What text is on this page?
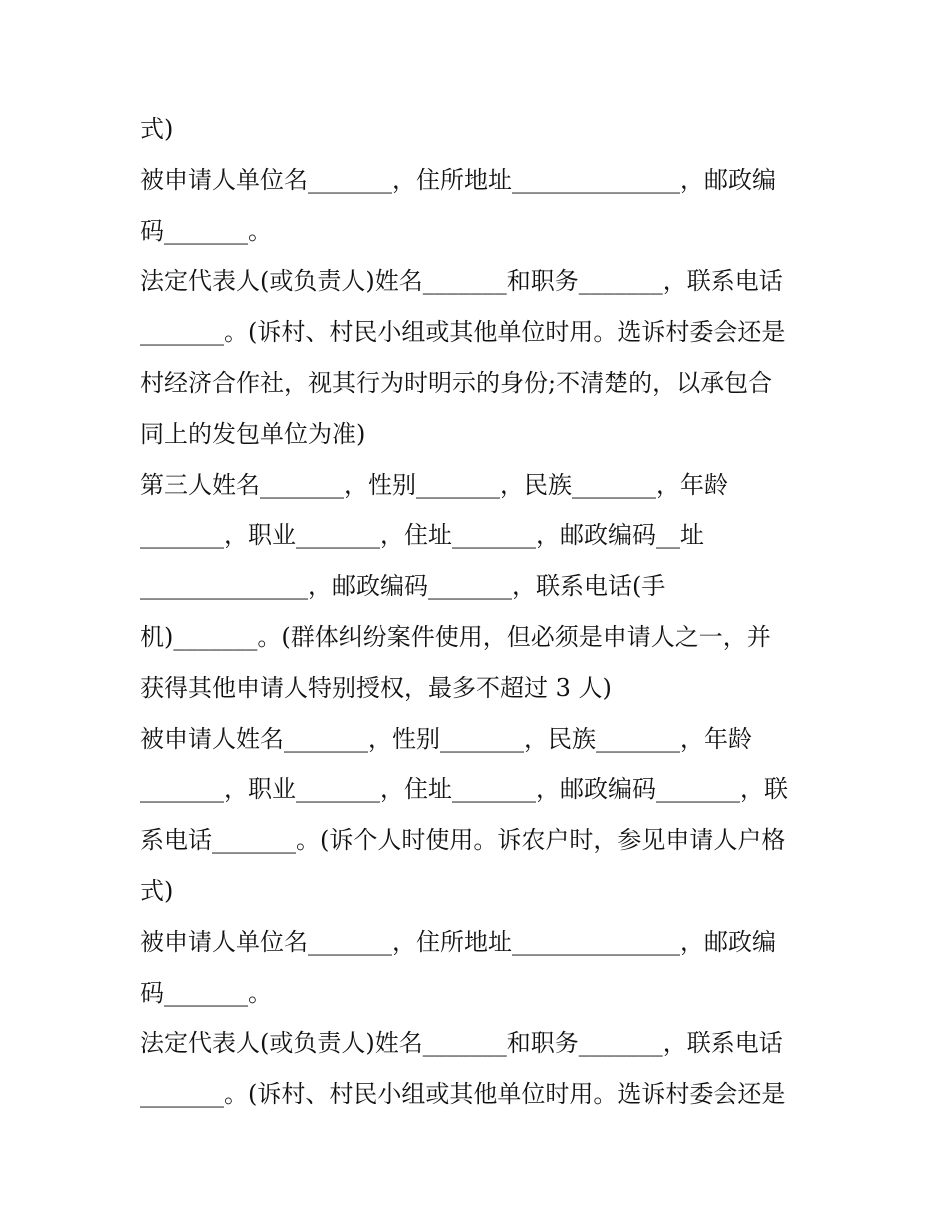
式)
被申请人单位名_______，住所地址______________，邮政编
码_______。
法定代表人(或负责人)姓名_______和职务_______，联系电话
_______。(诉村、村民小组或其他单位时用。选诉村委会还是
村经济合作社，视其行为时明示的身份;不清楚的，以承包合
同上的发包单位为准)
第三人姓名_______，性别_______，民族_______，年龄
_______，职业_______，住址_______，邮政编码__址
______________，邮政编码_______，联系电话(手
机)_______。(群体纠纷案件使用，但必须是申请人之一，并
获得其他申请人特别授权，最多不超过 3 人)
被申请人姓名_______，性别_______，民族_______，年龄
_______，职业_______，住址_______，邮政编码_______，联
系电话_______。(诉个人时使用。诉农户时，参见申请人户格
式)
被申请人单位名_______，住所地址______________，邮政编
码_______。
法定代表人(或负责人)姓名_______和职务_______，联系电话
_______。(诉村、村民小组或其他单位时用。选诉村委会还是
